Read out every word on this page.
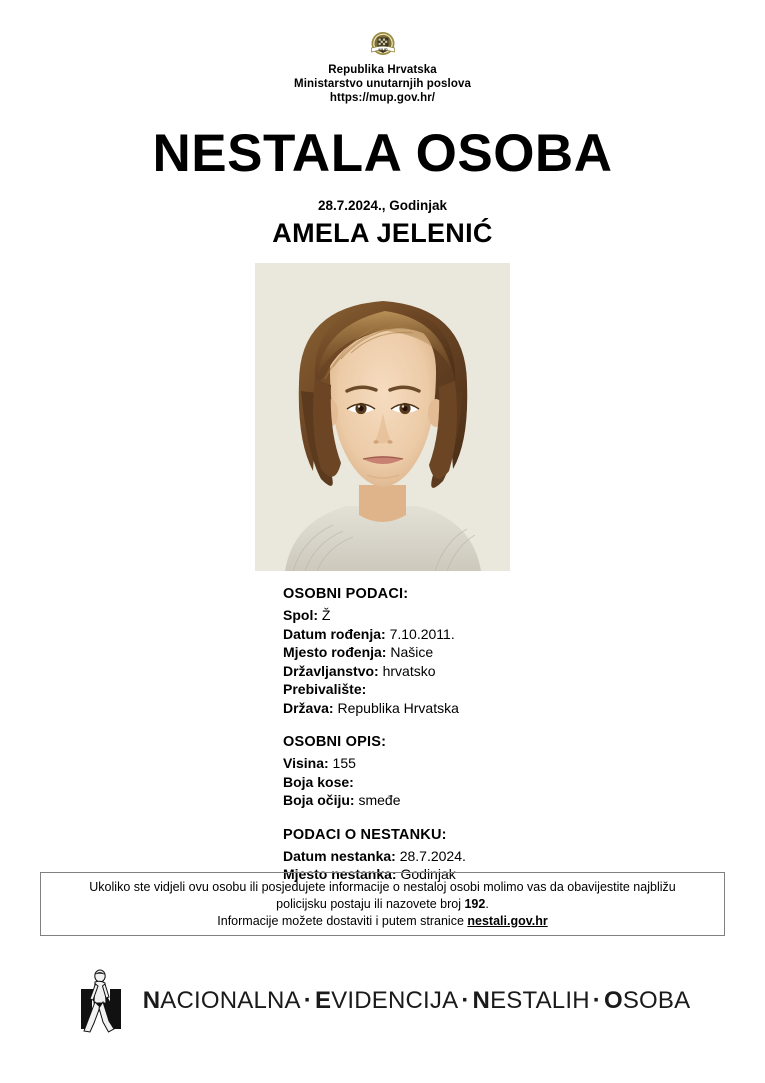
MUP
Republika Hrvatska
Ministarstvo unutarnjih poslova
https://mup.gov.hr/
NESTALA OSOBA
28.7.2024., Godinjak
AMELA JELENIĆ
OSOBNI PODACI:
Spol: Ž
Datum rođenja: 7.10.2011.
Mjesto rođenja: Našice
Državljanstvo: hrvatsko
Prebivalište:
Država: Republika Hrvatska
OSOBNI OPIS:
Visina: 155
Boja kose:
Boja očiju: smeđe
PODACI O NESTANKU:
Datum nestanka: 28.7.2024.
Mjesto nestanka: Godinjak
Ukoliko ste vidjeli ovu osobu ili posjedujete informacije o nestaloj osobi molimo vas da obavijestite najbližu
policijsku postaju ili nazovete broj 192.
Informacije možete dostaviti i putem stranice nestali.gov.hr
NACIONALNA · EVIDENCIJA · NESTALIH · OSOBA
